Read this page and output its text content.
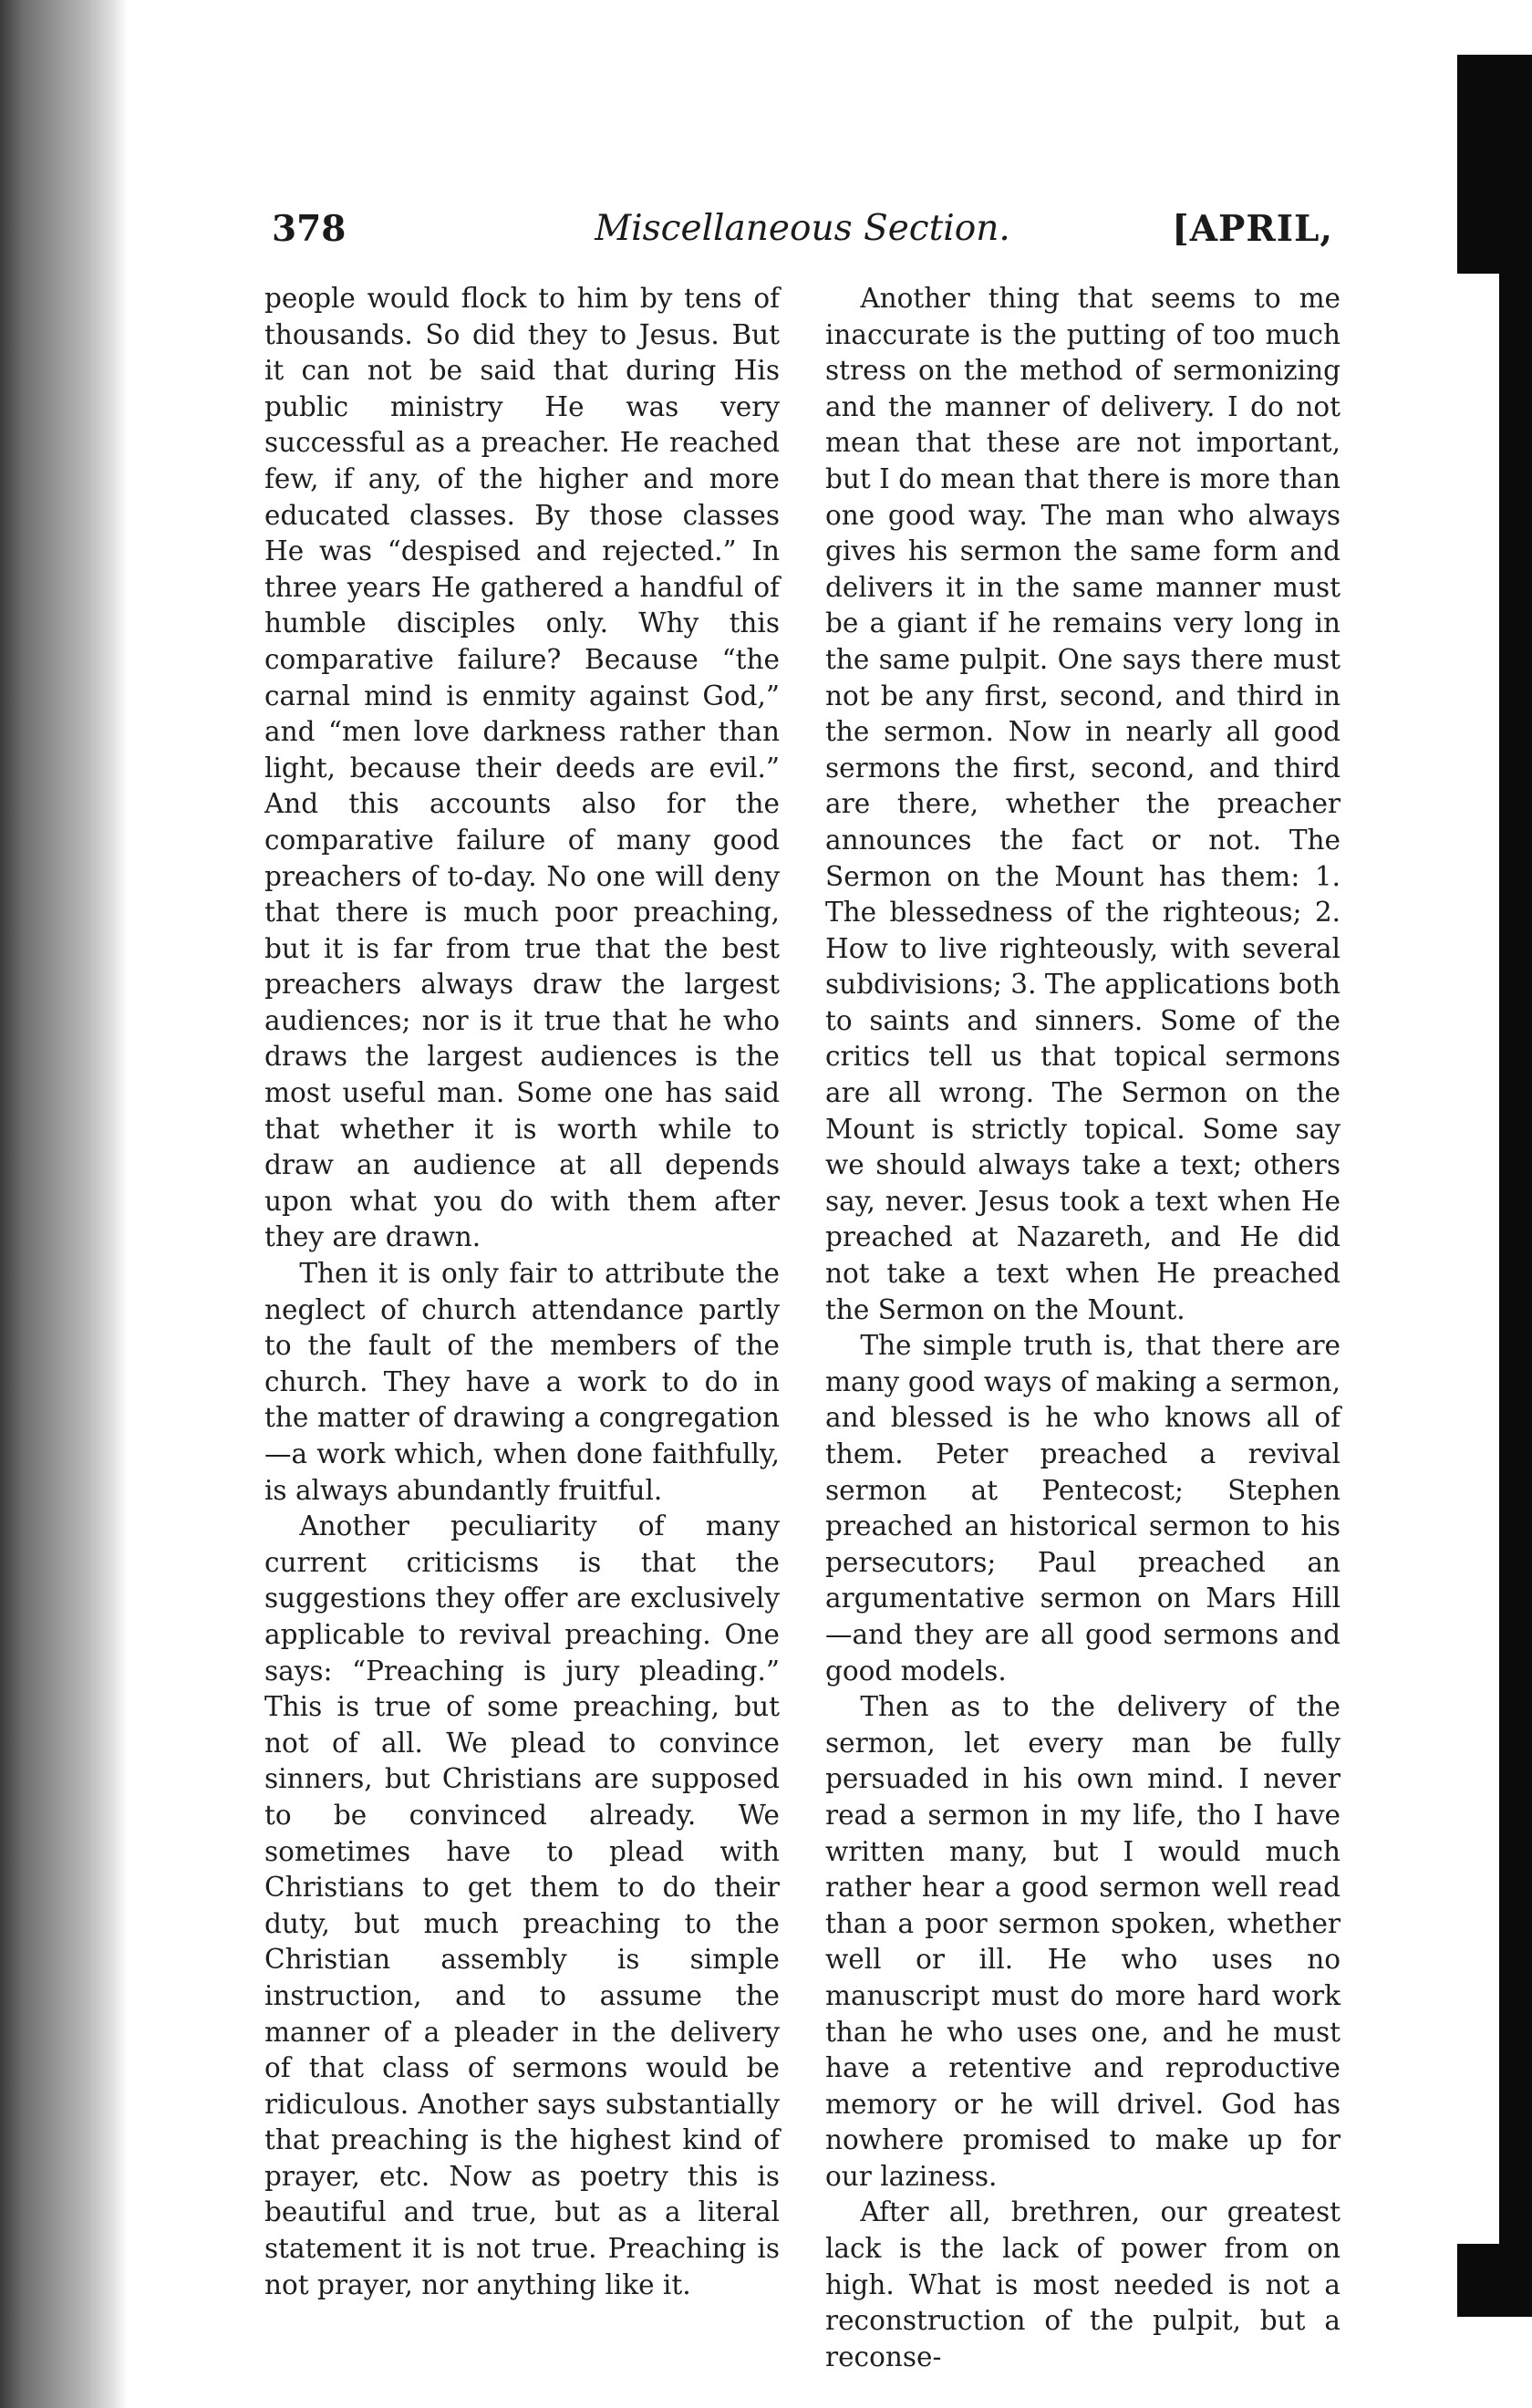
378	Miscellaneous Section.	[APRIL,

people would flock to him by tens of thousands. So did they to Jesus. But it can not be said that during His public ministry He was very successful as a preacher. He reached few, if any, of the higher and more educated classes. By those classes He was “despised and rejected.” In three years He gathered a handful of humble disciples only. Why this comparative failure? Because “the carnal mind is enmity against God,” and “men love darkness rather than light, because their deeds are evil.” And this accounts also for the comparative failure of many good preachers of to-day. No one will deny that there is much poor preaching, but it is far from true that the best preachers always draw the largest audiences; nor is it true that he who draws the largest audiences is the most useful man. Some one has said that whether it is worth while to draw an audience at all depends upon what you do with them after they are drawn.

Then it is only fair to attribute the neglect of church attendance partly to the fault of the members of the church. They have a work to do in the matter of drawing a congregation—a work which, when done faithfully, is always abundantly fruitful.

Another peculiarity of many current criticisms is that the suggestions they offer are exclusively applicable to revival preaching. One says: “Preaching is jury pleading.” This is true of some preaching, but not of all. We plead to convince sinners, but Christians are supposed to be convinced already. We sometimes have to plead with Christians to get them to do their duty, but much preaching to the Christian assembly is simple instruction, and to assume the manner of a pleader in the delivery of that class of sermons would be ridiculous. Another says substantially that preaching is the highest kind of prayer, etc. Now as poetry this is beautiful and true, but as a literal statement it is not true. Preaching is not prayer, nor anything like it.

Another thing that seems to me inaccurate is the putting of too much stress on the method of sermonizing and the manner of delivery. I do not mean that these are not important, but I do mean that there is more than one good way. The man who always gives his sermon the same form and delivers it in the same manner must be a giant if he remains very long in the same pulpit. One says there must not be any first, second, and third in the sermon. Now in nearly all good sermons the first, second, and third are there, whether the preacher announces the fact or not. The Sermon on the Mount has them: 1. The blessedness of the righteous; 2. How to live righteously, with several subdivisions; 3. The applications both to saints and sinners. Some of the critics tell us that topical sermons are all wrong. The Sermon on the Mount is strictly topical. Some say we should always take a text; others say, never. Jesus took a text when He preached at Nazareth, and He did not take a text when He preached the Sermon on the Mount.

The simple truth is, that there are many good ways of making a sermon, and blessed is he who knows all of them. Peter preached a revival sermon at Pentecost; Stephen preached an historical sermon to his persecutors; Paul preached an argumentative sermon on Mars Hill—and they are all good sermons and good models.

Then as to the delivery of the sermon, let every man be fully persuaded in his own mind. I never read a sermon in my life, tho I have written many, but I would much rather hear a good sermon well read than a poor sermon spoken, whether well or ill. He who uses no manuscript must do more hard work than he who uses one, and he must have a retentive and reproductive memory or he will drivel. God has nowhere promised to make up for our laziness.

After all, brethren, our greatest lack is the lack of power from on high. What is most needed is not a reconstruction of the pulpit, but a reconse-
